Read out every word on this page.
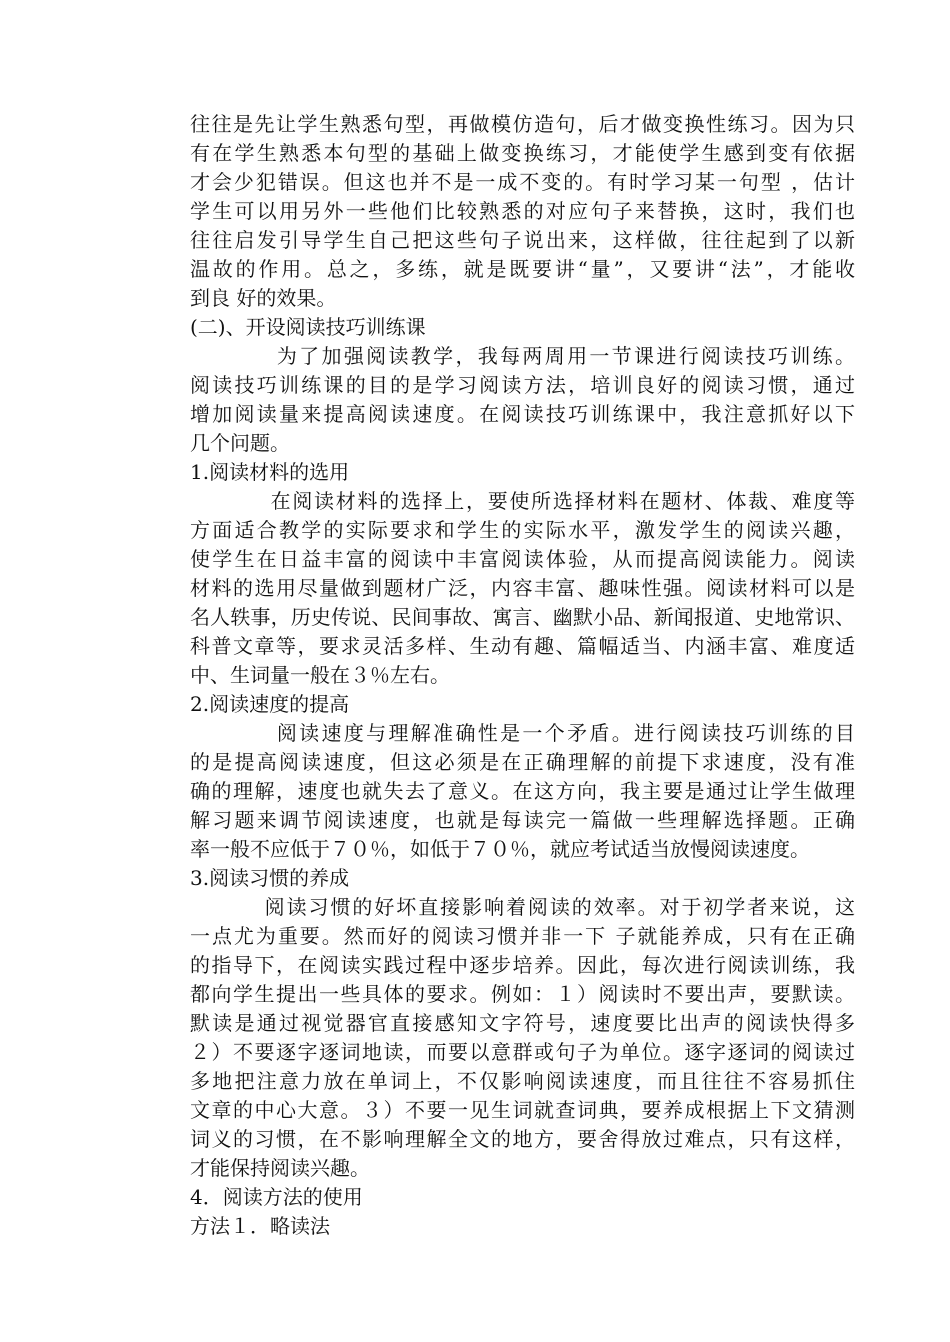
往往是先让学生熟悉句型，再做模仿造句，后才做变换性练习。因为只
有在学生熟悉本句型的基础上做变换练习，才能使学生感到变有依据
才会少犯错误。但这也并不是一成不变的。有时学习某一句型 ，估计
学生可以用另外一些他们比较熟悉的对应句子来替换，这时，我们也
往往启发引导学生自己把这些句子说出来，这样做，往往起到了以新
温故的作用。总之，多练，就是既要讲“量”，又要讲“法”，才能收
到良 好的效果。
(二)、开设阅读技巧训练课
为了加强阅读教学，我每两周用一节课进行阅读技巧训练。
阅读技巧训练课的目的是学习阅读方法，培训良好的阅读习惯，通过
增加阅读量来提高阅读速度。在阅读技巧训练课中，我注意抓好以下
几个问题。
1.阅读材料的选用
在阅读材料的选择上，要使所选择材料在题材、体裁、难度等
方面适合教学的实际要求和学生的实际水平，激发学生的阅读兴趣，
使学生在日益丰富的阅读中丰富阅读体验，从而提高阅读能力。阅读
材料的选用尽量做到题材广泛，内容丰富、趣味性强。阅读材料可以是
名人轶事，历史传说、民间事故、寓言、幽默小品、新闻报道、史地常识、
科普文章等，要求灵活多样、生动有趣、篇幅适当、内涵丰富、难度适
中、生词量一般在３％左右。
2.阅读速度的提高
阅读速度与理解准确性是一个矛盾。进行阅读技巧训练的目
的是提高阅读速度，但这必须是在正确理解的前提下求速度，没有准
确的理解，速度也就失去了意义。在这方向，我主要是通过让学生做理
解习题来调节阅读速度，也就是每读完一篇做一些理解选择题。正确
率一般不应低于７０％，如低于７０％，就应考试适当放慢阅读速度。
3.阅读习惯的养成
阅读习惯的好坏直接影响着阅读的效率。对于初学者来说，这
一点尤为重要。然而好的阅读习惯并非一下 子就能养成，只有在正确
的指导下，在阅读实践过程中逐步培养。因此，每次进行阅读训练，我
都向学生提出一些具体的要求。例如：１）阅读时不要出声，要默读。
默读是通过视觉器官直接感知文字符号，速度要比出声的阅读快得多
２）不要逐字逐词地读，而要以意群或句子为单位。逐字逐词的阅读过
多地把注意力放在单词上，不仅影响阅读速度，而且往往不容易抓住
文章的中心大意。３）不要一见生词就查词典，要养成根据上下文猜测
词义的习惯，在不影响理解全文的地方，要舍得放过难点，只有这样，
才能保持阅读兴趣。
4．阅读方法的使用
方法１．略读法
